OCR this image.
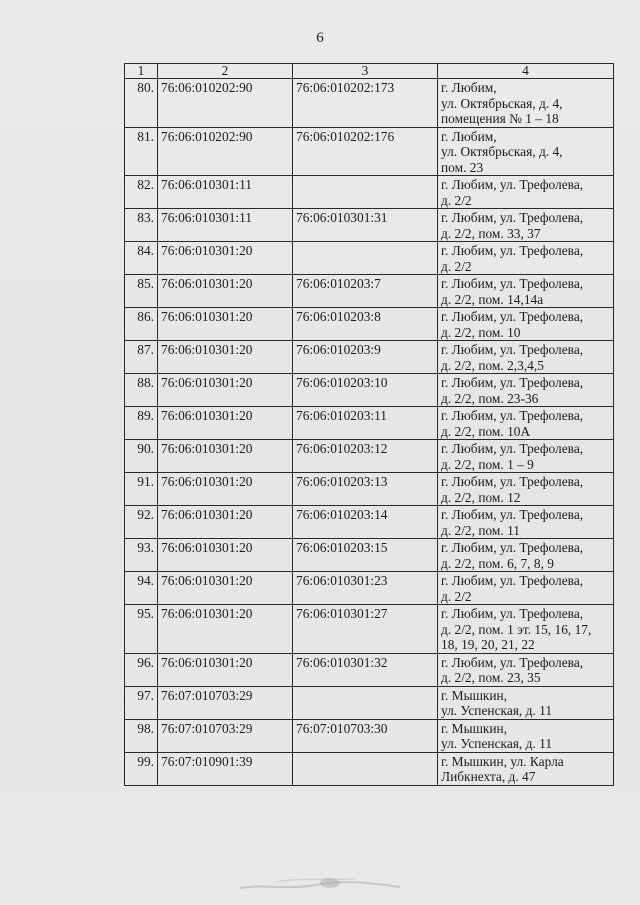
6
1	2	3	4
80.	76:06:010202:90	76:06:010202:173	г. Любим,
ул. Октябрьская, д. 4,
помещения № 1 – 18

81.	76:06:010202:90	76:06:010202:176	г. Любим,
ул. Октябрьская, д. 4,
пом. 23

82.	76:06:010301:11		г. Любим, ул. Трефолева,
д. 2/2

83.	76:06:010301:11	76:06:010301:31	г. Любим, ул. Трефолева,
д. 2/2, пом. 33, 37

84.	76:06:010301:20		г. Любим, ул. Трефолева,
д. 2/2

85.	76:06:010301:20	76:06:010203:7	г. Любим, ул. Трефолева,
д. 2/2, пом. 14,14а

86.	76:06:010301:20	76:06:010203:8	г. Любим, ул. Трефолева,
д. 2/2, пом. 10

87.	76:06:010301:20	76:06:010203:9	г. Любим, ул. Трефолева,
д. 2/2, пом. 2,3,4,5

88.	76:06:010301:20	76:06:010203:10	г. Любим, ул. Трефолева,
д. 2/2, пом. 23-36

89.	76:06:010301:20	76:06:010203:11	г. Любим, ул. Трефолева,
д. 2/2, пом. 10А

90.	76:06:010301:20	76:06:010203:12	г. Любим, ул. Трефолева,
д. 2/2, пом. 1 – 9

91.	76:06:010301:20	76:06:010203:13	г. Любим, ул. Трефолева,
д. 2/2, пом. 12

92.	76:06:010301:20	76:06:010203:14	г. Любим, ул. Трефолева,
д. 2/2, пом. 11

93.	76:06:010301:20	76:06:010203:15	г. Любим, ул. Трефолева,
д. 2/2, пом. 6, 7, 8, 9

94.	76:06:010301:20	76:06:010301:23	г. Любим, ул. Трефолева,
д. 2/2

95.	76:06:010301:20	76:06:010301:27	г. Любим, ул. Трефолева,
д. 2/2, пом. 1 эт. 15, 16, 17,
18, 19, 20, 21, 22

96.	76:06:010301:20	76:06:010301:32	г. Любим, ул. Трефолева,
д. 2/2, пом. 23, 35

97.	76:07:010703:29		г. Мышкин,
ул. Успенская, д. 11

98.	76:07:010703:29	76:07:010703:30	г. Мышкин,
ул. Успенская, д. 11

99.	76:07:010901:39		г. Мышкин, ул. Карла
Либкнехта, д. 47
